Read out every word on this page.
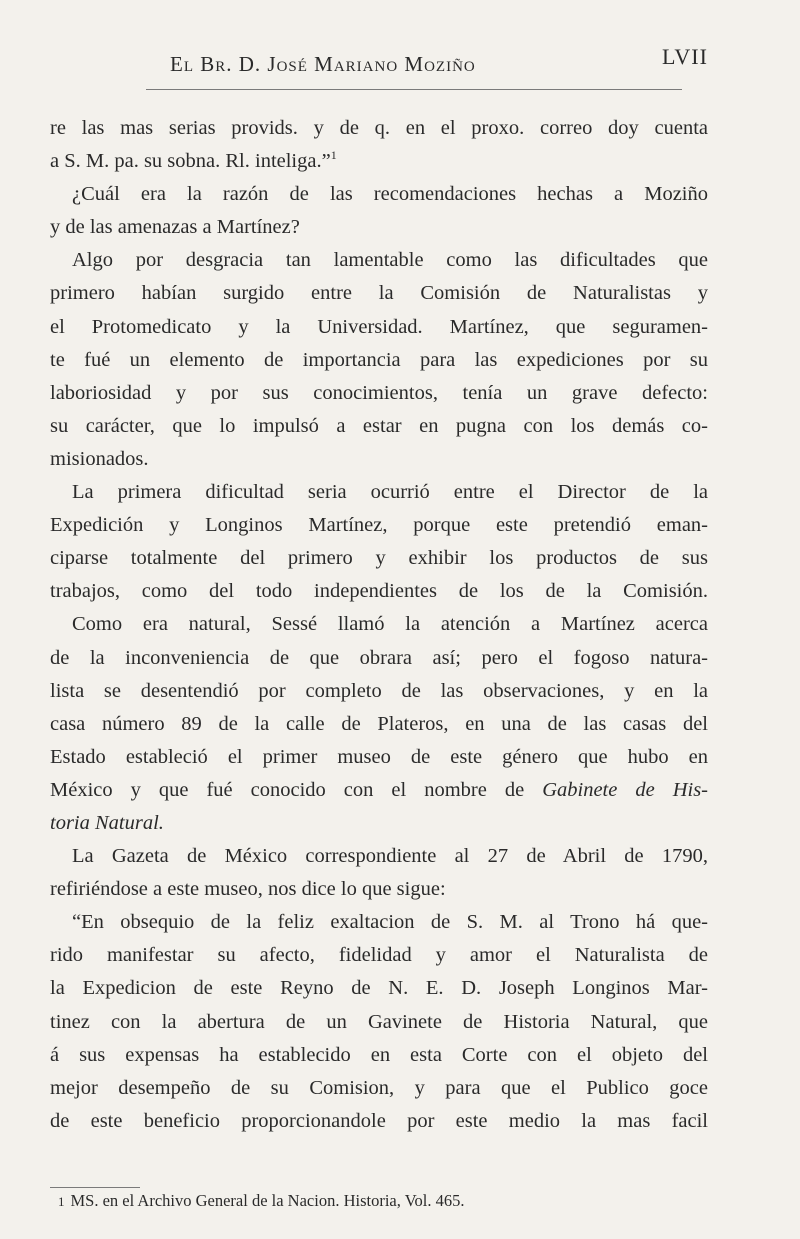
El Br. D. José Mariano Moziño	LVII
re las mas serias provids. y de q. en el proxo. correo doy cuenta
a S. M. pa. su sobna. Rl. inteliga.”$^1$
¿Cuál era la razón de las recomendaciones hechas a Moziño
y de las amenazas a Martínez?
Algo por desgracia tan lamentable como las dificultades que
primero habían surgido entre la Comisión de Naturalistas y
el Protomedicato y la Universidad. Martínez, que seguramen-
te fué un elemento de importancia para las expediciones por su
laboriosidad y por sus conocimientos, tenía un grave defecto:
su carácter, que lo impulsó a estar en pugna con los demás co-
misionados.
La primera dificultad seria ocurrió entre el Director de la
Expedición y Longinos Martínez, porque este pretendió eman-
ciparse totalmente del primero y exhibir los productos de sus
trabajos, como del todo independientes de los de la Comisión.
Como era natural, Sessé llamó la atención a Martínez acerca
de la inconveniencia de que obrara así; pero el fogoso natura-
lista se desentendió por completo de las observaciones, y en la
casa número 89 de la calle de Plateros, en una de las casas del
Estado estableció el primer museo de este género que hubo en
México y que fué conocido con el nombre de Gabinete de His-
toria Natural.
La Gazeta de México correspondiente al 27 de Abril de 1790,
refiriéndose a este museo, nos dice lo que sigue:
“En obsequio de la feliz exaltacion de S. M. al Trono há que-
rido manifestar su afecto, fidelidad y amor el Naturalista de
la Expedicion de este Reyno de N. E. D. Joseph Longinos Mar-
tinez con la abertura de un Gavinete de Historia Natural, que
á sus expensas ha establecido en esta Corte con el objeto del
mejor desempeño de su Comision, y para que el Publico goce
de este beneficio proporcionandole por este medio la mas facil
1 MS. en el Archivo General de la Nacion. Historia, Vol. 465.
